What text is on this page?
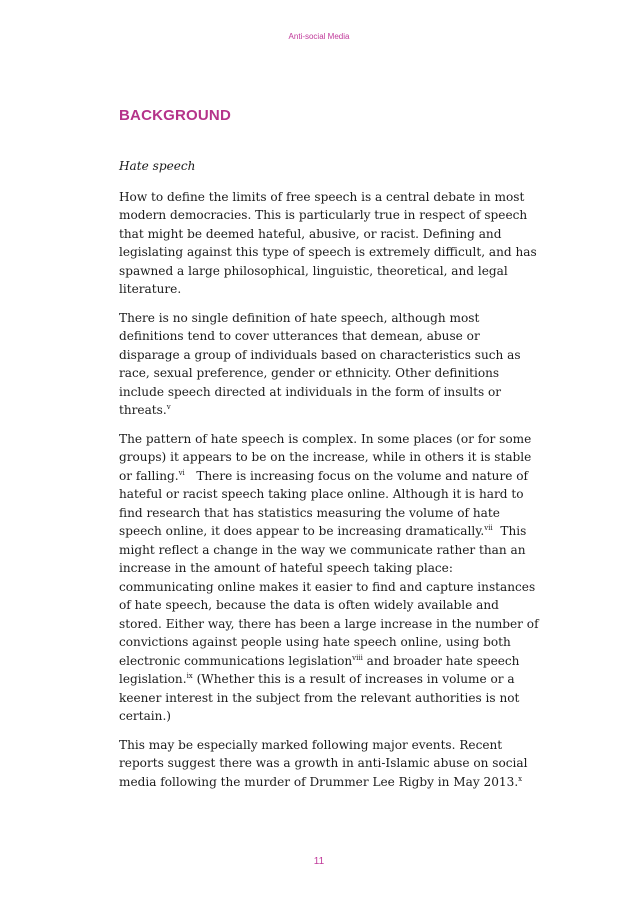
Anti-social Media
BACKGROUND

Hate speech

How to define the limits of free speech is a central debate in most
modern democracies. This is particularly true in respect of speech
that might be deemed hateful, abusive, or racist. Defining and
legislating against this type of speech is extremely difficult, and has
spawned a large philosophical, linguistic, theoretical, and legal
literature.

There is no single definition of hate speech, although most
definitions tend to cover utterances that demean, abuse or
disparage a group of individuals based on characteristics such as
race, sexual preference, gender or ethnicity. Other definitions
include speech directed at individuals in the form of insults or
threats.$^v$

The pattern of hate speech is complex. In some places (or for some
groups) it appears to be on the increase, while in others it is stable
or falling.$^{vi}$   There is increasing focus on the volume and nature of
hateful or racist speech taking place online. Although it is hard to
find research that has statistics measuring the volume of hate
speech online, it does appear to be increasing dramatically.$^{vii}$  This
might reflect a change in the way we communicate rather than an
increase in the amount of hateful speech taking place:
communicating online makes it easier to find and capture instances
of hate speech, because the data is often widely available and
stored. Either way, there has been a large increase in the number of
convictions against people using hate speech online, using both
electronic communications legislation$^{viii}$ and broader hate speech
legislation.$^{ix}$ (Whether this is a result of increases in volume or a
keener interest in the subject from the relevant authorities is not
certain.)

This may be especially marked following major events. Recent
reports suggest there was a growth in anti-Islamic abuse on social
media following the murder of Drummer Lee Rigby in May 2013.$^x$

11
